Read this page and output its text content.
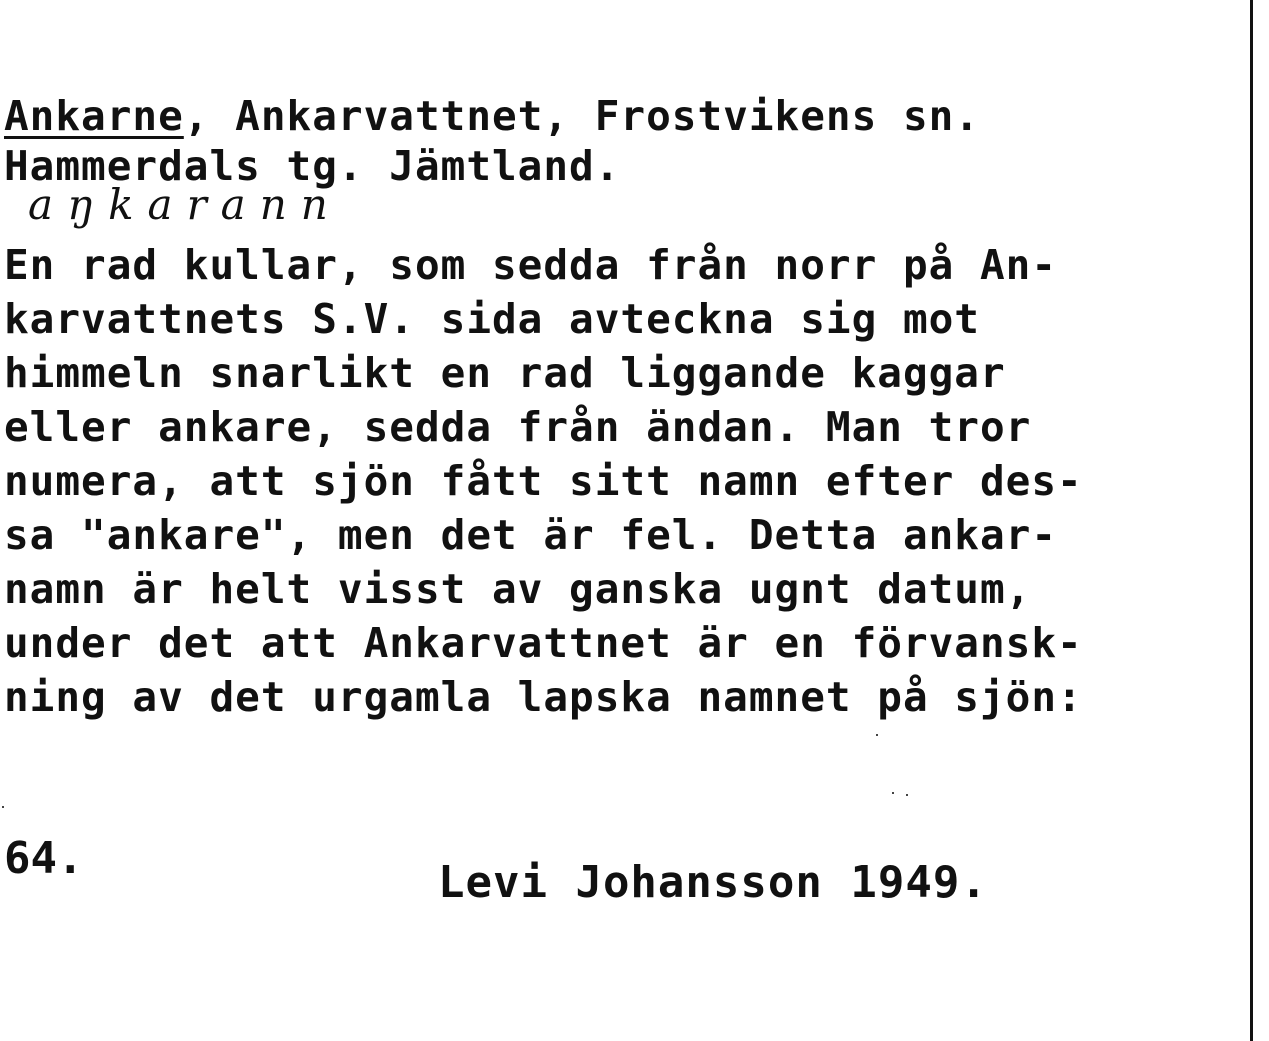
Ankarne, Ankarvattnet, Frostvikens sn.
Hammerdals tg. Jämtland.
aŋkarann
En rad kullar, som sedda från norr på An-
karvattnets S.V. sida avteckna sig mot
himmeln snarlikt en rad liggande kaggar
eller ankare, sedda från ändan. Man tror
numera, att sjön fått sitt namn efter des-
sa "ankare", men det är fel. Detta ankar-
namn är helt visst av ganska ugnt datum,
under det att Ankarvattnet är en förvansk-
ning av det urgamla lapska namnet på sjön:
64.	Levi Johansson 1949.
